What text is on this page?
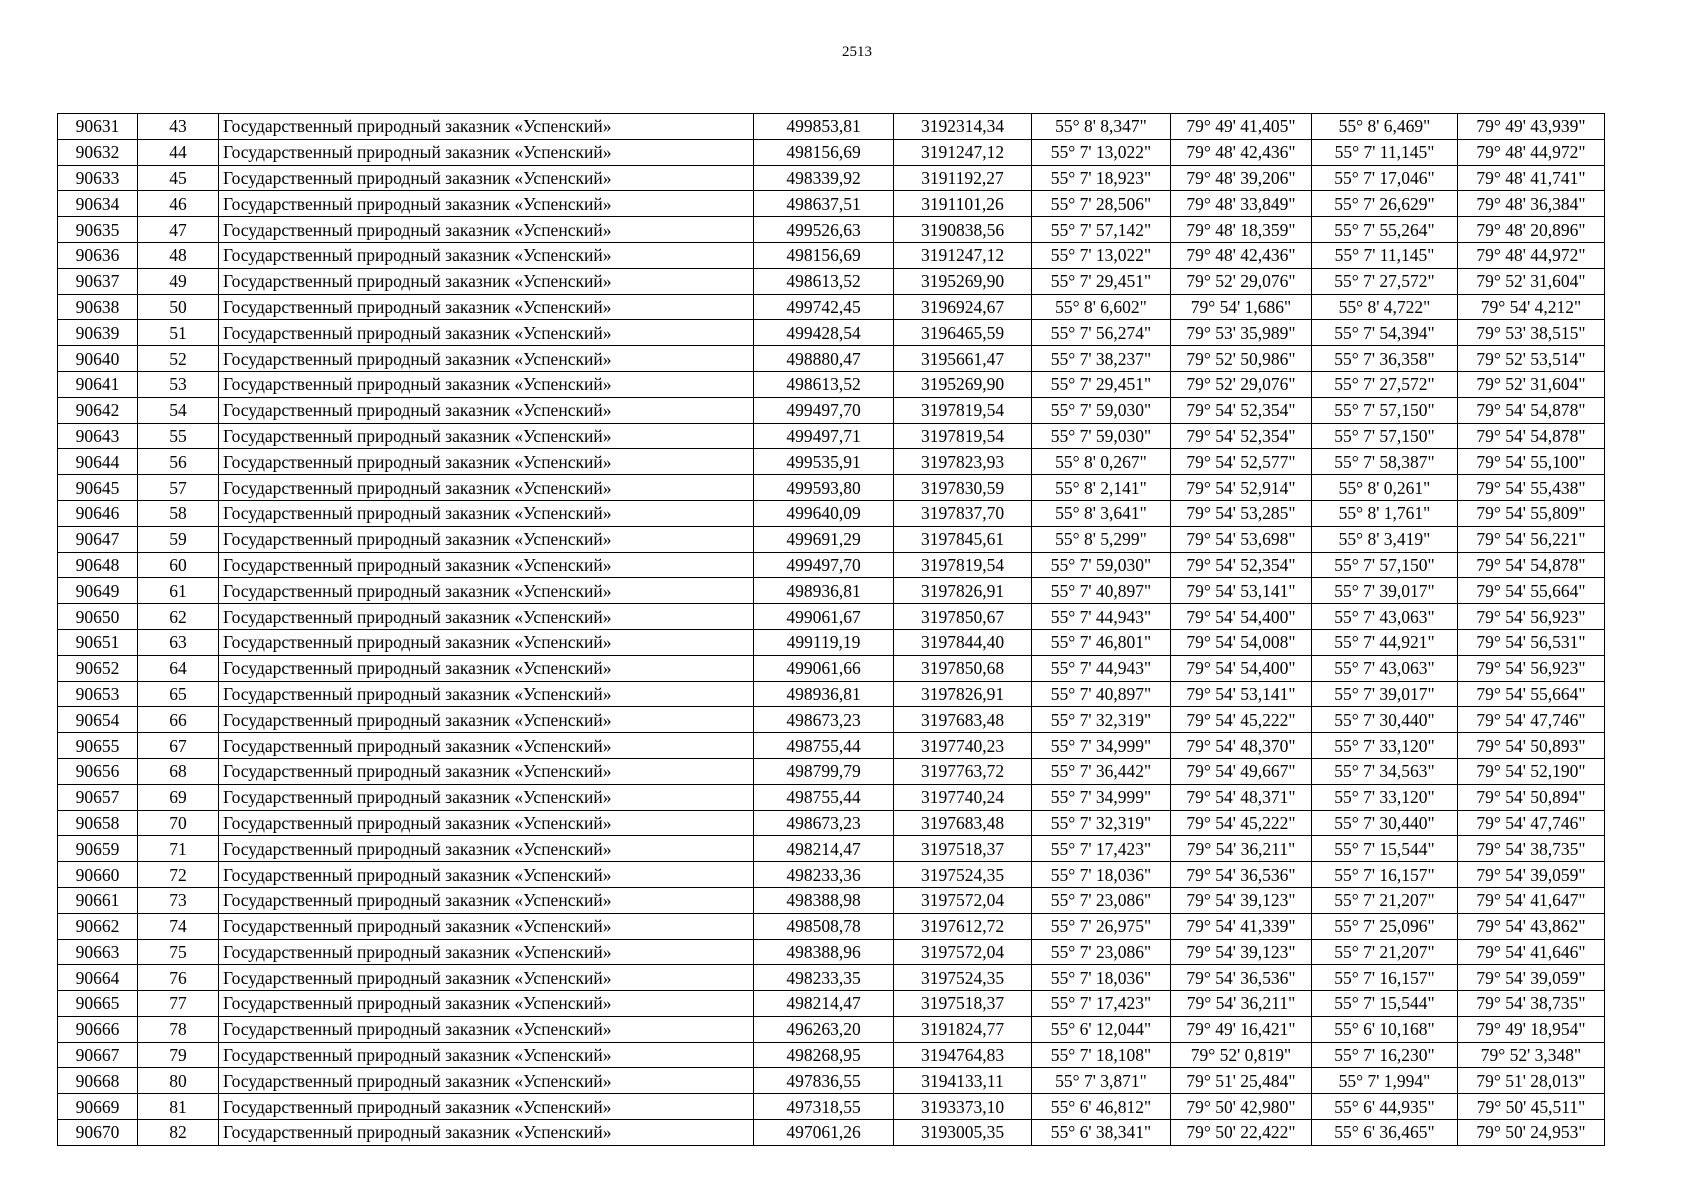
2513
90631	43	Государственный природный заказник «Успенский»	499853,81	3192314,34	55° 8' 8,347"	79° 49' 41,405"	55° 8' 6,469"	79° 49' 43,939"
90632	44	Государственный природный заказник «Успенский»	498156,69	3191247,12	55° 7' 13,022"	79° 48' 42,436"	55° 7' 11,145"	79° 48' 44,972"
90633	45	Государственный природный заказник «Успенский»	498339,92	3191192,27	55° 7' 18,923"	79° 48' 39,206"	55° 7' 17,046"	79° 48' 41,741"
90634	46	Государственный природный заказник «Успенский»	498637,51	3191101,26	55° 7' 28,506"	79° 48' 33,849"	55° 7' 26,629"	79° 48' 36,384"
90635	47	Государственный природный заказник «Успенский»	499526,63	3190838,56	55° 7' 57,142"	79° 48' 18,359"	55° 7' 55,264"	79° 48' 20,896"
90636	48	Государственный природный заказник «Успенский»	498156,69	3191247,12	55° 7' 13,022"	79° 48' 42,436"	55° 7' 11,145"	79° 48' 44,972"
90637	49	Государственный природный заказник «Успенский»	498613,52	3195269,90	55° 7' 29,451"	79° 52' 29,076"	55° 7' 27,572"	79° 52' 31,604"
90638	50	Государственный природный заказник «Успенский»	499742,45	3196924,67	55° 8' 6,602"	79° 54' 1,686"	55° 8' 4,722"	79° 54' 4,212"
90639	51	Государственный природный заказник «Успенский»	499428,54	3196465,59	55° 7' 56,274"	79° 53' 35,989"	55° 7' 54,394"	79° 53' 38,515"
90640	52	Государственный природный заказник «Успенский»	498880,47	3195661,47	55° 7' 38,237"	79° 52' 50,986"	55° 7' 36,358"	79° 52' 53,514"
90641	53	Государственный природный заказник «Успенский»	498613,52	3195269,90	55° 7' 29,451"	79° 52' 29,076"	55° 7' 27,572"	79° 52' 31,604"
90642	54	Государственный природный заказник «Успенский»	499497,70	3197819,54	55° 7' 59,030"	79° 54' 52,354"	55° 7' 57,150"	79° 54' 54,878"
90643	55	Государственный природный заказник «Успенский»	499497,71	3197819,54	55° 7' 59,030"	79° 54' 52,354"	55° 7' 57,150"	79° 54' 54,878"
90644	56	Государственный природный заказник «Успенский»	499535,91	3197823,93	55° 8' 0,267"	79° 54' 52,577"	55° 7' 58,387"	79° 54' 55,100"
90645	57	Государственный природный заказник «Успенский»	499593,80	3197830,59	55° 8' 2,141"	79° 54' 52,914"	55° 8' 0,261"	79° 54' 55,438"
90646	58	Государственный природный заказник «Успенский»	499640,09	3197837,70	55° 8' 3,641"	79° 54' 53,285"	55° 8' 1,761"	79° 54' 55,809"
90647	59	Государственный природный заказник «Успенский»	499691,29	3197845,61	55° 8' 5,299"	79° 54' 53,698"	55° 8' 3,419"	79° 54' 56,221"
90648	60	Государственный природный заказник «Успенский»	499497,70	3197819,54	55° 7' 59,030"	79° 54' 52,354"	55° 7' 57,150"	79° 54' 54,878"
90649	61	Государственный природный заказник «Успенский»	498936,81	3197826,91	55° 7' 40,897"	79° 54' 53,141"	55° 7' 39,017"	79° 54' 55,664"
90650	62	Государственный природный заказник «Успенский»	499061,67	3197850,67	55° 7' 44,943"	79° 54' 54,400"	55° 7' 43,063"	79° 54' 56,923"
90651	63	Государственный природный заказник «Успенский»	499119,19	3197844,40	55° 7' 46,801"	79° 54' 54,008"	55° 7' 44,921"	79° 54' 56,531"
90652	64	Государственный природный заказник «Успенский»	499061,66	3197850,68	55° 7' 44,943"	79° 54' 54,400"	55° 7' 43,063"	79° 54' 56,923"
90653	65	Государственный природный заказник «Успенский»	498936,81	3197826,91	55° 7' 40,897"	79° 54' 53,141"	55° 7' 39,017"	79° 54' 55,664"
90654	66	Государственный природный заказник «Успенский»	498673,23	3197683,48	55° 7' 32,319"	79° 54' 45,222"	55° 7' 30,440"	79° 54' 47,746"
90655	67	Государственный природный заказник «Успенский»	498755,44	3197740,23	55° 7' 34,999"	79° 54' 48,370"	55° 7' 33,120"	79° 54' 50,893"
90656	68	Государственный природный заказник «Успенский»	498799,79	3197763,72	55° 7' 36,442"	79° 54' 49,667"	55° 7' 34,563"	79° 54' 52,190"
90657	69	Государственный природный заказник «Успенский»	498755,44	3197740,24	55° 7' 34,999"	79° 54' 48,371"	55° 7' 33,120"	79° 54' 50,894"
90658	70	Государственный природный заказник «Успенский»	498673,23	3197683,48	55° 7' 32,319"	79° 54' 45,222"	55° 7' 30,440"	79° 54' 47,746"
90659	71	Государственный природный заказник «Успенский»	498214,47	3197518,37	55° 7' 17,423"	79° 54' 36,211"	55° 7' 15,544"	79° 54' 38,735"
90660	72	Государственный природный заказник «Успенский»	498233,36	3197524,35	55° 7' 18,036"	79° 54' 36,536"	55° 7' 16,157"	79° 54' 39,059"
90661	73	Государственный природный заказник «Успенский»	498388,98	3197572,04	55° 7' 23,086"	79° 54' 39,123"	55° 7' 21,207"	79° 54' 41,647"
90662	74	Государственный природный заказник «Успенский»	498508,78	3197612,72	55° 7' 26,975"	79° 54' 41,339"	55° 7' 25,096"	79° 54' 43,862"
90663	75	Государственный природный заказник «Успенский»	498388,96	3197572,04	55° 7' 23,086"	79° 54' 39,123"	55° 7' 21,207"	79° 54' 41,646"
90664	76	Государственный природный заказник «Успенский»	498233,35	3197524,35	55° 7' 18,036"	79° 54' 36,536"	55° 7' 16,157"	79° 54' 39,059"
90665	77	Государственный природный заказник «Успенский»	498214,47	3197518,37	55° 7' 17,423"	79° 54' 36,211"	55° 7' 15,544"	79° 54' 38,735"
90666	78	Государственный природный заказник «Успенский»	496263,20	3191824,77	55° 6' 12,044"	79° 49' 16,421"	55° 6' 10,168"	79° 49' 18,954"
90667	79	Государственный природный заказник «Успенский»	498268,95	3194764,83	55° 7' 18,108"	79° 52' 0,819"	55° 7' 16,230"	79° 52' 3,348"
90668	80	Государственный природный заказник «Успенский»	497836,55	3194133,11	55° 7' 3,871"	79° 51' 25,484"	55° 7' 1,994"	79° 51' 28,013"
90669	81	Государственный природный заказник «Успенский»	497318,55	3193373,10	55° 6' 46,812"	79° 50' 42,980"	55° 6' 44,935"	79° 50' 45,511"
90670	82	Государственный природный заказник «Успенский»	497061,26	3193005,35	55° 6' 38,341"	79° 50' 22,422"	55° 6' 36,465"	79° 50' 24,953"
